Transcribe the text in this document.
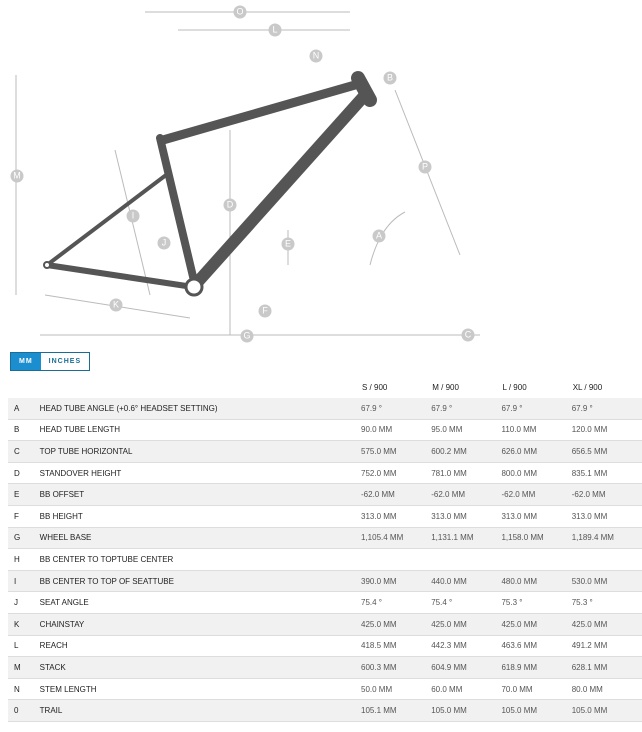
O
L
N
B
M
P
I
D
J	E
A
K
F
G	C
MM	INCHES
		S / 900	M / 900	L / 900	XL / 900
A	HEAD TUBE ANGLE (+0.6° HEADSET SETTING)	67.9 °	67.9 °	67.9 °	67.9 °
B	HEAD TUBE LENGTH	90.0 MM	95.0 MM	110.0 MM	120.0 MM
C	TOP TUBE HORIZONTAL	575.0 MM	600.2 MM	626.0 MM	656.5 MM
D	STANDOVER HEIGHT	752.0 MM	781.0 MM	800.0 MM	835.1 MM
E	BB OFFSET	-62.0 MM	-62.0 MM	-62.0 MM	-62.0 MM
F	BB HEIGHT	313.0 MM	313.0 MM	313.0 MM	313.0 MM
G	WHEEL BASE	1,105.4 MM	1,131.1 MM	1,158.0 MM	1,189.4 MM
H	BB CENTER TO TOPTUBE CENTER				
I	BB CENTER TO TOP OF SEATTUBE	390.0 MM	440.0 MM	480.0 MM	530.0 MM
J	SEAT ANGLE	75.4 °	75.4 °	75.3 °	75.3 °
K	CHAINSTAY	425.0 MM	425.0 MM	425.0 MM	425.0 MM
L	REACH	418.5 MM	442.3 MM	463.6 MM	491.2 MM
M	STACK	600.3 MM	604.9 MM	618.9 MM	628.1 MM
N	STEM LENGTH	50.0 MM	60.0 MM	70.0 MM	80.0 MM
0	TRAIL	105.1 MM	105.0 MM	105.0 MM	105.0 MM
